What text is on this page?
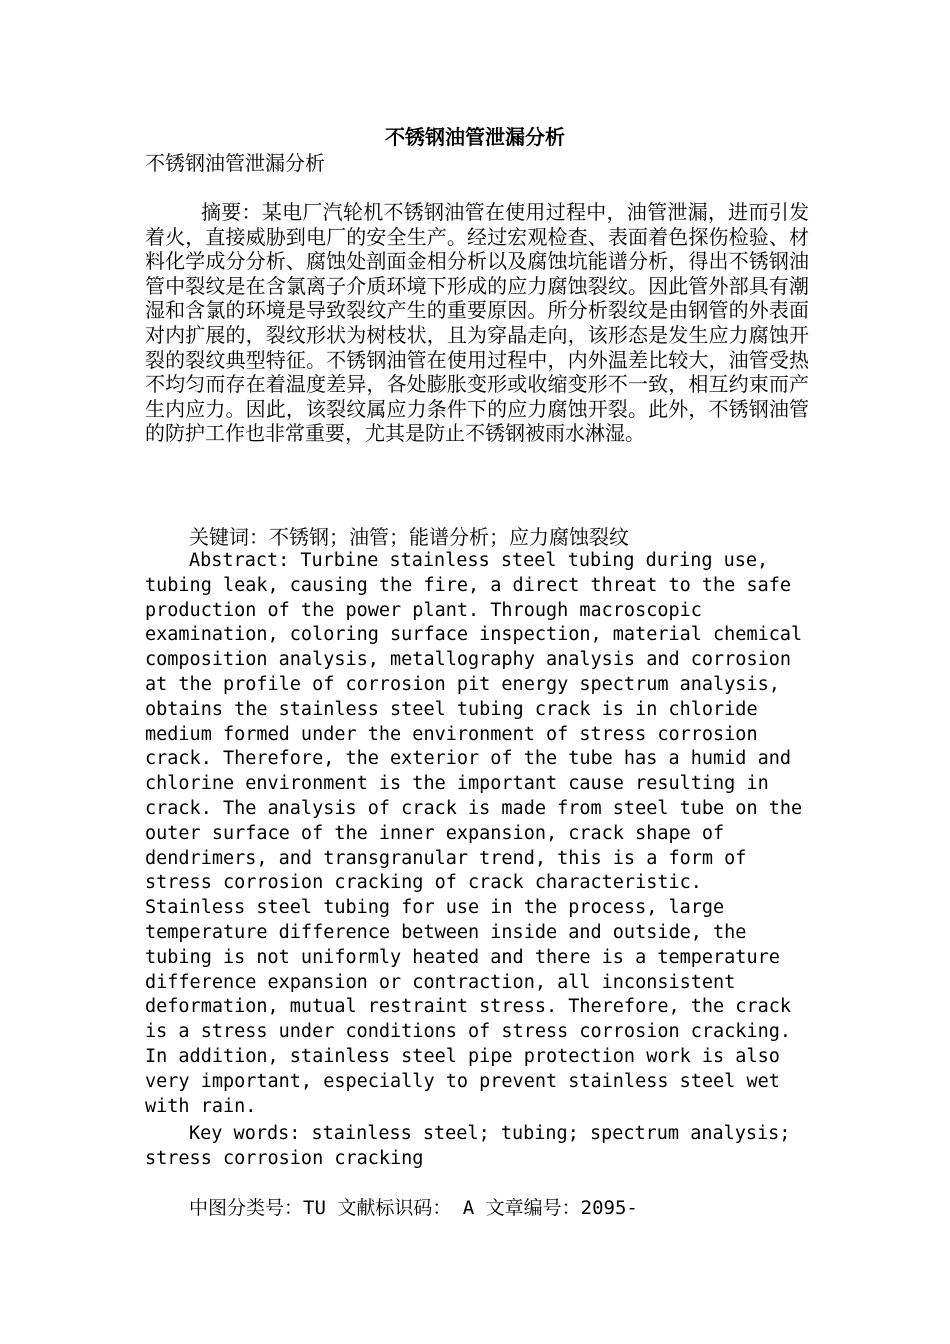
不锈钢油管泄漏分析

不锈钢油管泄漏分析

摘要：某电厂汽轮机不锈钢油管在使用过程中，油管泄漏，进而引发着火，直接威胁到电厂的安全生产。经过宏观检查、表面着色探伤检验、材料化学成分分析、腐蚀处剖面金相分析以及腐蚀坑能谱分析，得出不锈钢油管中裂纹是在含氯离子介质环境下形成的应力腐蚀裂纹。因此管外部具有潮湿和含氯的环境是导致裂纹产生的重要原因。所分析裂纹是由钢管的外表面对内扩展的，裂纹形状为树枝状，且为穿晶走向，该形态是发生应力腐蚀开裂的裂纹典型特征。不锈钢油管在使用过程中，内外温差比较大，油管受热不均匀而存在着温度差异，各处膨胀变形或收缩变形不一致，相互约束而产生内应力。因此，该裂纹属应力条件下的应力腐蚀开裂。此外，不锈钢油管的防护工作也非常重要，尤其是防止不锈钢被雨水淋湿。

关键词：不锈钢；油管；能谱分析；应力腐蚀裂纹

Abstract: Turbine stainless steel tubing during use,
tubing leak, causing the fire, a direct threat to the safe
production of the power plant. Through macroscopic
examination, coloring surface inspection, material chemical
composition analysis, metallography analysis and corrosion
at the profile of corrosion pit energy spectrum analysis,
obtains the stainless steel tubing crack is in chloride
medium formed under the environment of stress corrosion
crack. Therefore, the exterior of the tube has a humid and
chlorine environment is the important cause resulting in
crack. The analysis of crack is made from steel tube on the
outer surface of the inner expansion, crack shape of
dendrimers, and transgranular trend, this is a form of
stress corrosion cracking of crack characteristic.
Stainless steel tubing for use in the process, large
temperature difference between inside and outside, the
tubing is not uniformly heated and there is a temperature
difference expansion or contraction, all inconsistent
deformation, mutual restraint stress. Therefore, the crack
is a stress under conditions of stress corrosion cracking.
In addition, stainless steel pipe protection work is also
very important, especially to prevent stainless steel wet
with rain.

Key words: stainless steel; tubing; spectrum analysis;
stress corrosion cracking

中图分类号：TU 文献标识码： A 文章编号：2095-
